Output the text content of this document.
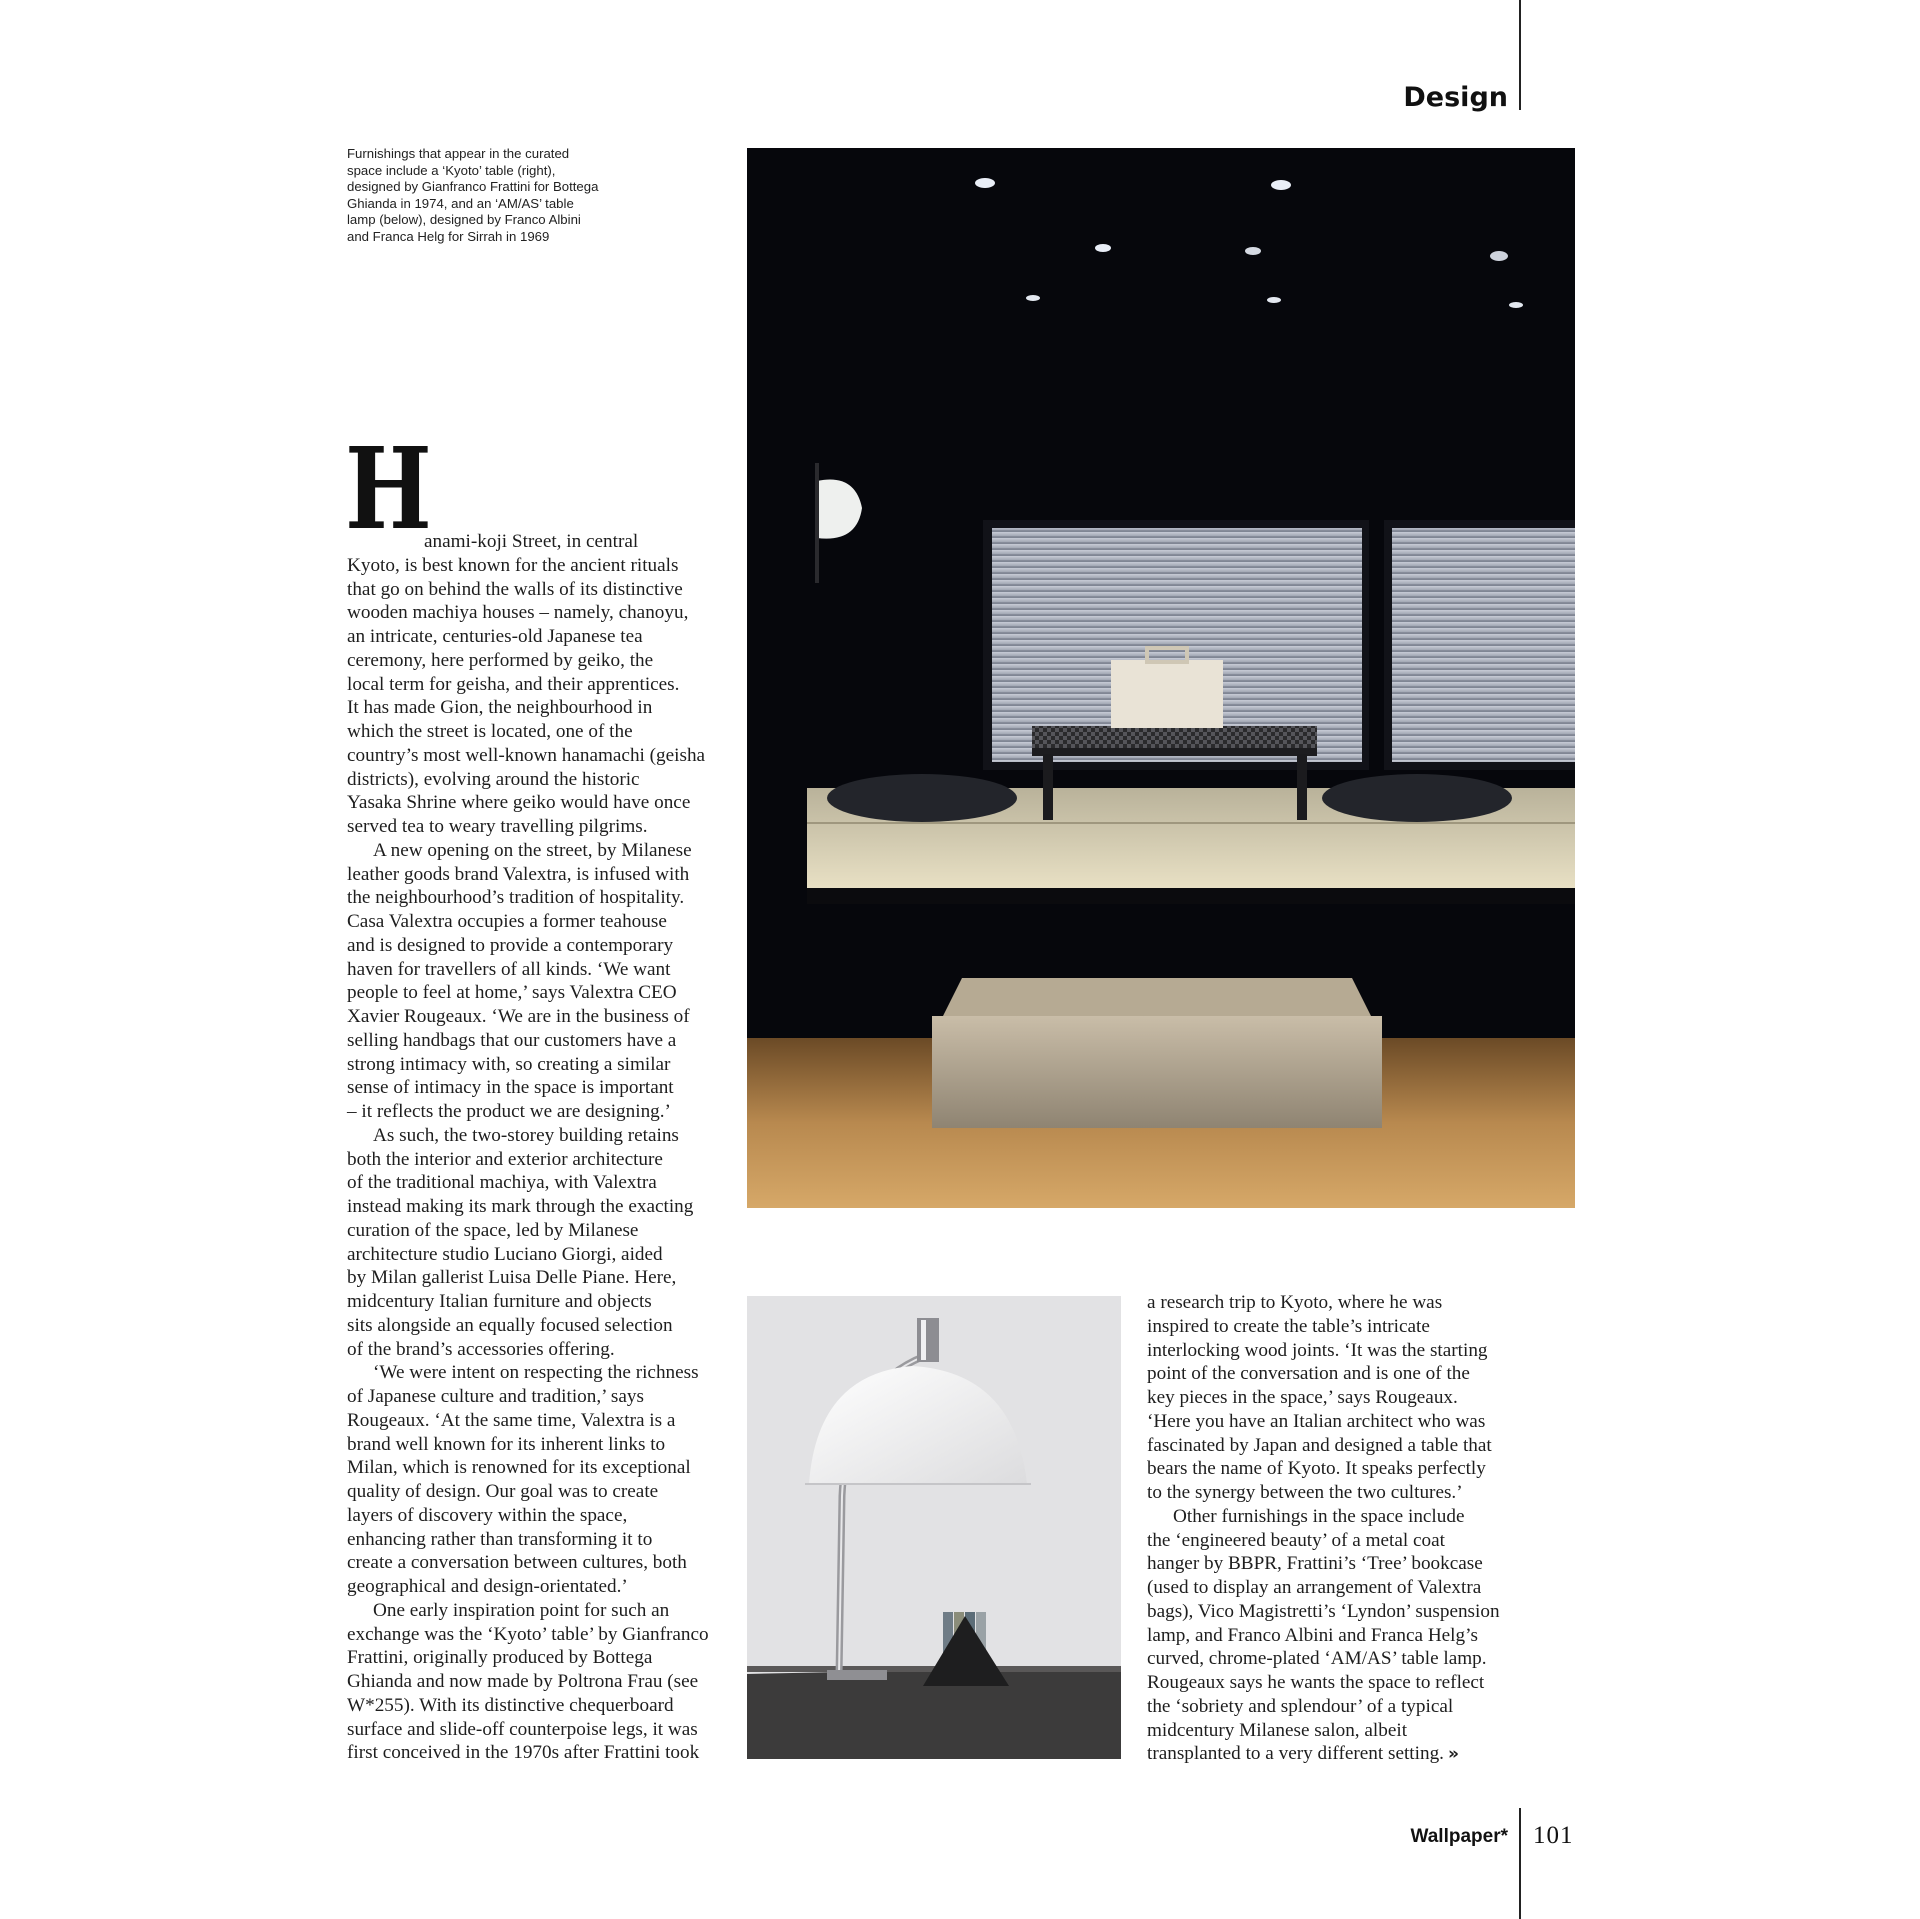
Design
Furnishings that appear in the curated
space include a ‘Kyoto’ table (right),
designed by Gianfranco Frattini for Bottega
Ghianda in 1974, and an ‘AM/AS’ table
lamp (below), designed by Franco Albini
and Franca Helg for Sirrah in 1969
H
anami-koji Street, in central
Kyoto, is best known for the ancient rituals
that go on behind the walls of its distinctive
wooden machiya houses – namely, chanoyu,
an intricate, centuries-old Japanese tea
ceremony, here performed by geiko, the
local term for geisha, and their apprentices.
It has made Gion, the neighbourhood in
which the street is located, one of the
country’s most well-known hanamachi (geisha
districts), evolving around the historic
Yasaka Shrine where geiko would have once
served tea to weary travelling pilgrims.
A new opening on the street, by Milanese
leather goods brand Valextra, is infused with
the neighbourhood’s tradition of hospitality.
Casa Valextra occupies a former teahouse
and is designed to provide a contemporary
haven for travellers of all kinds. ‘We want
people to feel at home,’ says Valextra CEO
Xavier Rougeaux. ‘We are in the business of
selling handbags that our customers have a
strong intimacy with, so creating a similar
sense of intimacy in the space is important
– it reflects the product we are designing.’
As such, the two-storey building retains
both the interior and exterior architecture
of the traditional machiya, with Valextra
instead making its mark through the exacting
curation of the space, led by Milanese
architecture studio Luciano Giorgi, aided
by Milan gallerist Luisa Delle Piane. Here,
midcentury Italian furniture and objects
sits alongside an equally focused selection
of the brand’s accessories offering.
‘We were intent on respecting the richness
of Japanese culture and tradition,’ says
Rougeaux. ‘At the same time, Valextra is a
brand well known for its inherent links to
Milan, which is renowned for its exceptional
quality of design. Our goal was to create
layers of discovery within the space,
enhancing rather than transforming it to
create a conversation between cultures, both
geographical and design-orientated.’
One early inspiration point for such an
exchange was the ‘Kyoto’ table’ by Gianfranco
Frattini, originally produced by Bottega
Ghianda and now made by Poltrona Frau (see
W*255). With its distinctive chequerboard
surface and slide-off counterpoise legs, it was
first conceived in the 1970s after Frattini took
a research trip to Kyoto, where he was
inspired to create the table’s intricate
interlocking wood joints. ‘It was the starting
point of the conversation and is one of the
key pieces in the space,’ says Rougeaux.
‘Here you have an Italian architect who was
fascinated by Japan and designed a table that
bears the name of Kyoto. It speaks perfectly
to the synergy between the two cultures.’
Other furnishings in the space include
the ‘engineered beauty’ of a metal coat
hanger by BBPR, Frattini’s ‘Tree’ bookcase
(used to display an arrangement of Valextra
bags), Vico Magistretti’s ‘Lyndon’ suspension
lamp, and Franco Albini and Franca Helg’s
curved, chrome-plated ‘AM/AS’ table lamp.
Rougeaux says he wants the space to reflect
the ‘sobriety and splendour’ of a typical
midcentury Milanese salon, albeit
transplanted to a very different setting. »
Wallpaper* 101
